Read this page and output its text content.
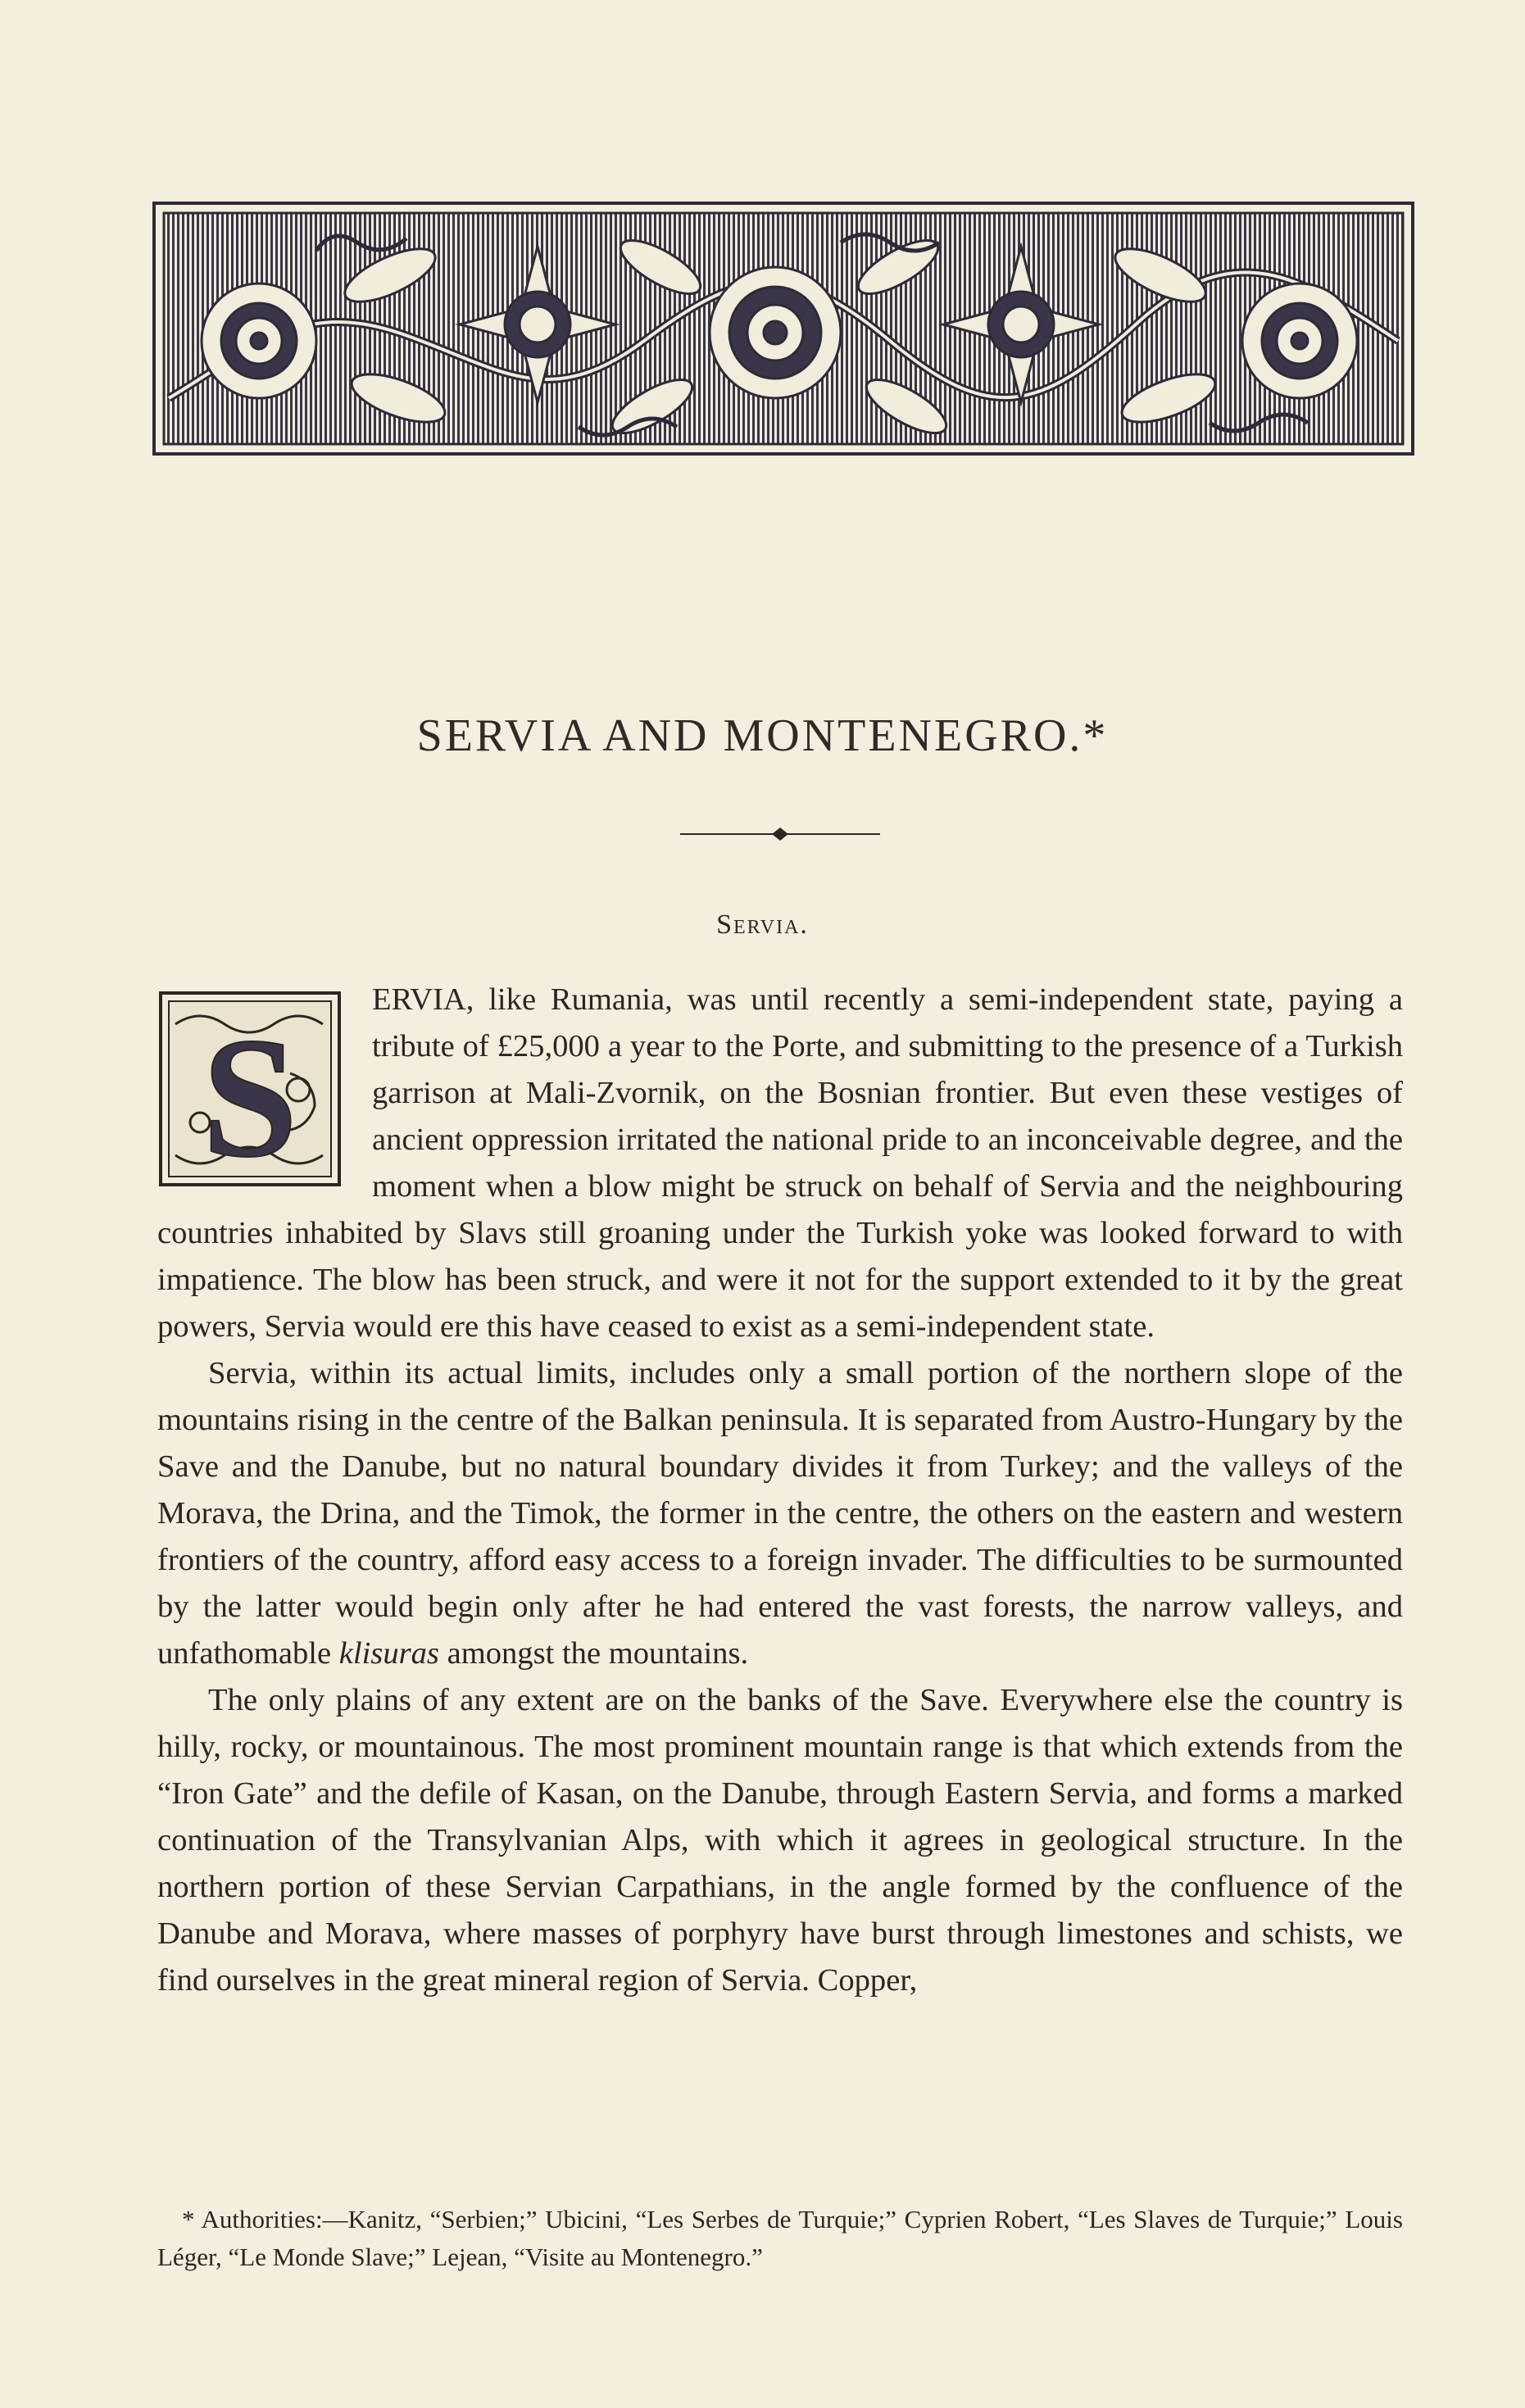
SERVIA AND MONTENEGRO.*
Servia.
S

ERVIA, like Rumania, was until recently a semi-independent state, paying a tribute of £25,000 a year to the Porte, and submitting to the presence of a Turkish garrison at Mali-Zvornik, on the Bosnian frontier. But even these vestiges of ancient oppression irritated the national pride to an inconceivable degree, and the moment when a blow might be struck on behalf of Servia and the neighbouring countries inhabited by Slavs still groaning under the Turkish yoke was looked forward to with impatience. The blow has been struck, and were it not for the support extended to it by the great powers, Servia would ere this have ceased to exist as a semi-independent state.

Servia, within its actual limits, includes only a small portion of the northern slope of the mountains rising in the centre of the Balkan peninsula. It is separated from Austro-Hungary by the Save and the Danube, but no natural boundary divides it from Turkey; and the valleys of the Morava, the Drina, and the Timok, the former in the centre, the others on the eastern and western frontiers of the country, afford easy access to a foreign invader. The difficulties to be surmounted by the latter would begin only after he had entered the vast forests, the narrow valleys, and unfathomable klisuras amongst the mountains.

The only plains of any extent are on the banks of the Save. Everywhere else the country is hilly, rocky, or mountainous. The most prominent mountain range is that which extends from the “Iron Gate” and the defile of Kasan, on the Danube, through Eastern Servia, and forms a marked continuation of the Transylvanian Alps, with which it agrees in geological structure. In the northern portion of these Servian Carpathians, in the angle formed by the confluence of the Danube and Morava, where masses of porphyry have burst through limestones and schists, we find ourselves in the great mineral region of Servia. Copper,

* Authorities:—Kanitz, “Serbien;” Ubicini, “Les Serbes de Turquie;” Cyprien Robert, “Les Slaves de Turquie;” Louis Léger, “Le Monde Slave;” Lejean, “Visite au Montenegro.”
